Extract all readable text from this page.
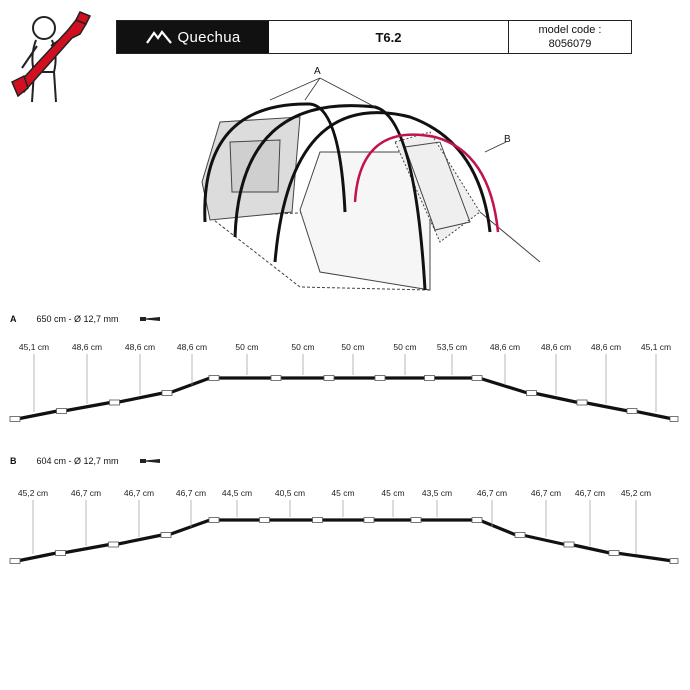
Quechua	T6.2	model code :
8056079
A
B
A 650 cm - Ø 12,7 mm
45,1 cm	48,6 cm	48,6 cm	48,6 cm	50 cm	50 cm	50 cm	50 cm 53,5 cm	48,6 cm 48,6 cm 48,6 cm 45,1 cm
B 604 cm - Ø 12,7 mm
45,2 cm	46,7 cm	46,7 cm	46,7 cm 44,5 cm	40,5 cm	45 cm	45 cm 43,5 cm	46,7 cm	46,7 cm 46,7 cm 45,2 cm
